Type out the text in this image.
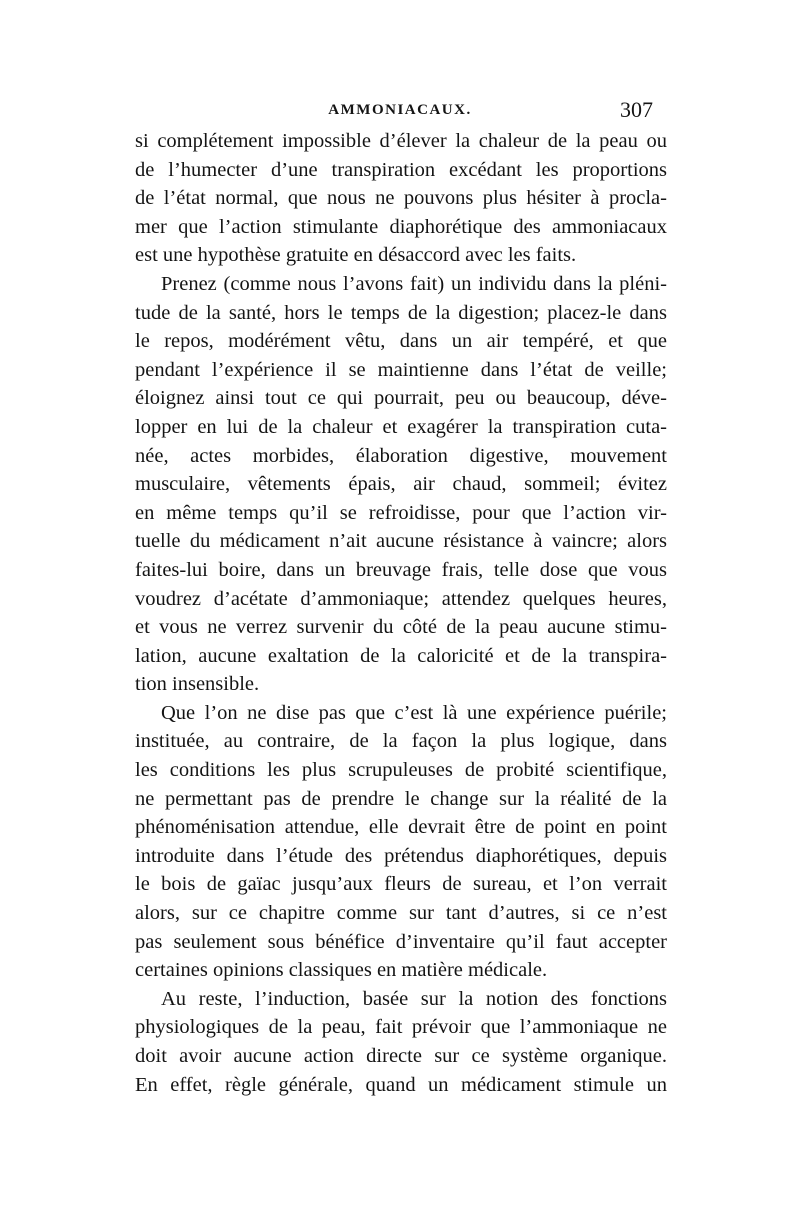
AMMONIACAUX.	307
si complétement impossible d’élever la chaleur de la peau ou
de l’humecter d’une transpiration excédant les proportions
de l’état normal, que nous ne pouvons plus hésiter à procla-
mer que l’action stimulante diaphorétique des ammoniacaux
est une hypothèse gratuite en désaccord avec les faits.
Prenez (comme nous l’avons fait) un individu dans la pléni-
tude de la santé, hors le temps de la digestion; placez-le dans
le repos, modérément vêtu, dans un air tempéré, et que
pendant l’expérience il se maintienne dans l’état de veille;
éloignez ainsi tout ce qui pourrait, peu ou beaucoup, déve-
lopper en lui de la chaleur et exagérer la transpiration cuta-
née, actes morbides, élaboration digestive, mouvement
musculaire, vêtements épais, air chaud, sommeil; évitez
en même temps qu’il se refroidisse, pour que l’action vir-
tuelle du médicament n’ait aucune résistance à vaincre; alors
faites-lui boire, dans un breuvage frais, telle dose que vous
voudrez d’acétate d’ammoniaque; attendez quelques heures,
et vous ne verrez survenir du côté de la peau aucune stimu-
lation, aucune exaltation de la caloricité et de la transpira-
tion insensible.
Que l’on ne dise pas que c’est là une expérience puérile;
instituée, au contraire, de la façon la plus logique, dans
les conditions les plus scrupuleuses de probité scientifique,
ne permettant pas de prendre le change sur la réalité de la
phénoménisation attendue, elle devrait être de point en point
introduite dans l’étude des prétendus diaphorétiques, depuis
le bois de gaïac jusqu’aux fleurs de sureau, et l’on verrait
alors, sur ce chapitre comme sur tant d’autres, si ce n’est
pas seulement sous bénéfice d’inventaire qu’il faut accepter
certaines opinions classiques en matière médicale.
Au reste, l’induction, basée sur la notion des fonctions
physiologiques de la peau, fait prévoir que l’ammoniaque ne
doit avoir aucune action directe sur ce système organique.
En effet, règle générale, quand un médicament stimule un
